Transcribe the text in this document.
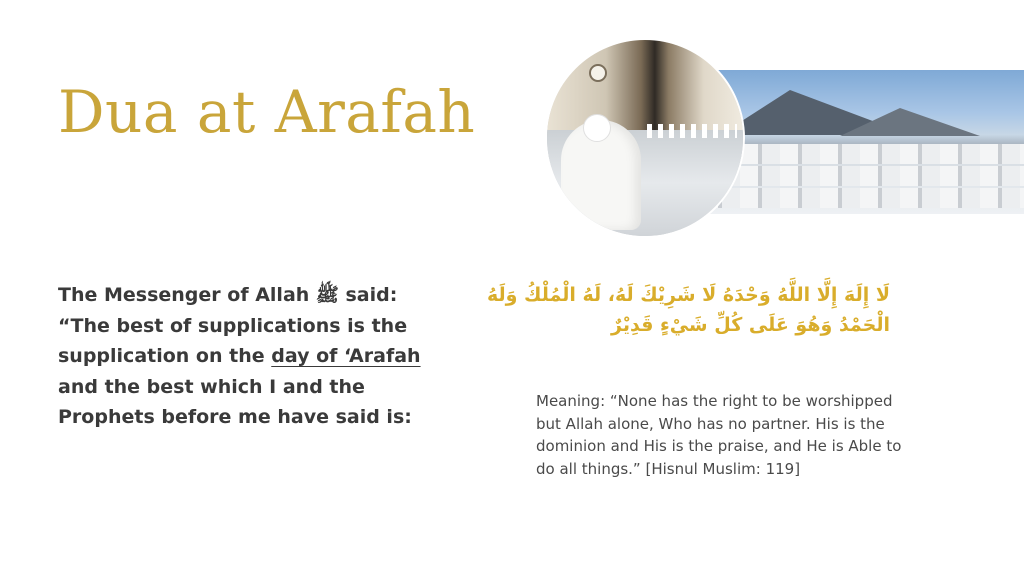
Dua at Arafah
The Messenger of Allah ﷺ said: “The best of supplications is the supplication on the day of ‘Arafah and the best which I and the Prophets before me have said is:
لَا إِلَهَ إِلَّا اللَّهُ وَحْدَهُ لَا شَرِيْكَ لَهُ، لَهُ الْمُلْكُ وَلَهُ الْحَمْدُ وَهُوَ عَلَى كُلِّ شَيْءٍ قَدِيْرٌ
Meaning: “None has the right to be worshipped but Allah alone, Who has no partner. His is the dominion and His is the praise, and He is Able to do all things.” [Hisnul Muslim: 119]
